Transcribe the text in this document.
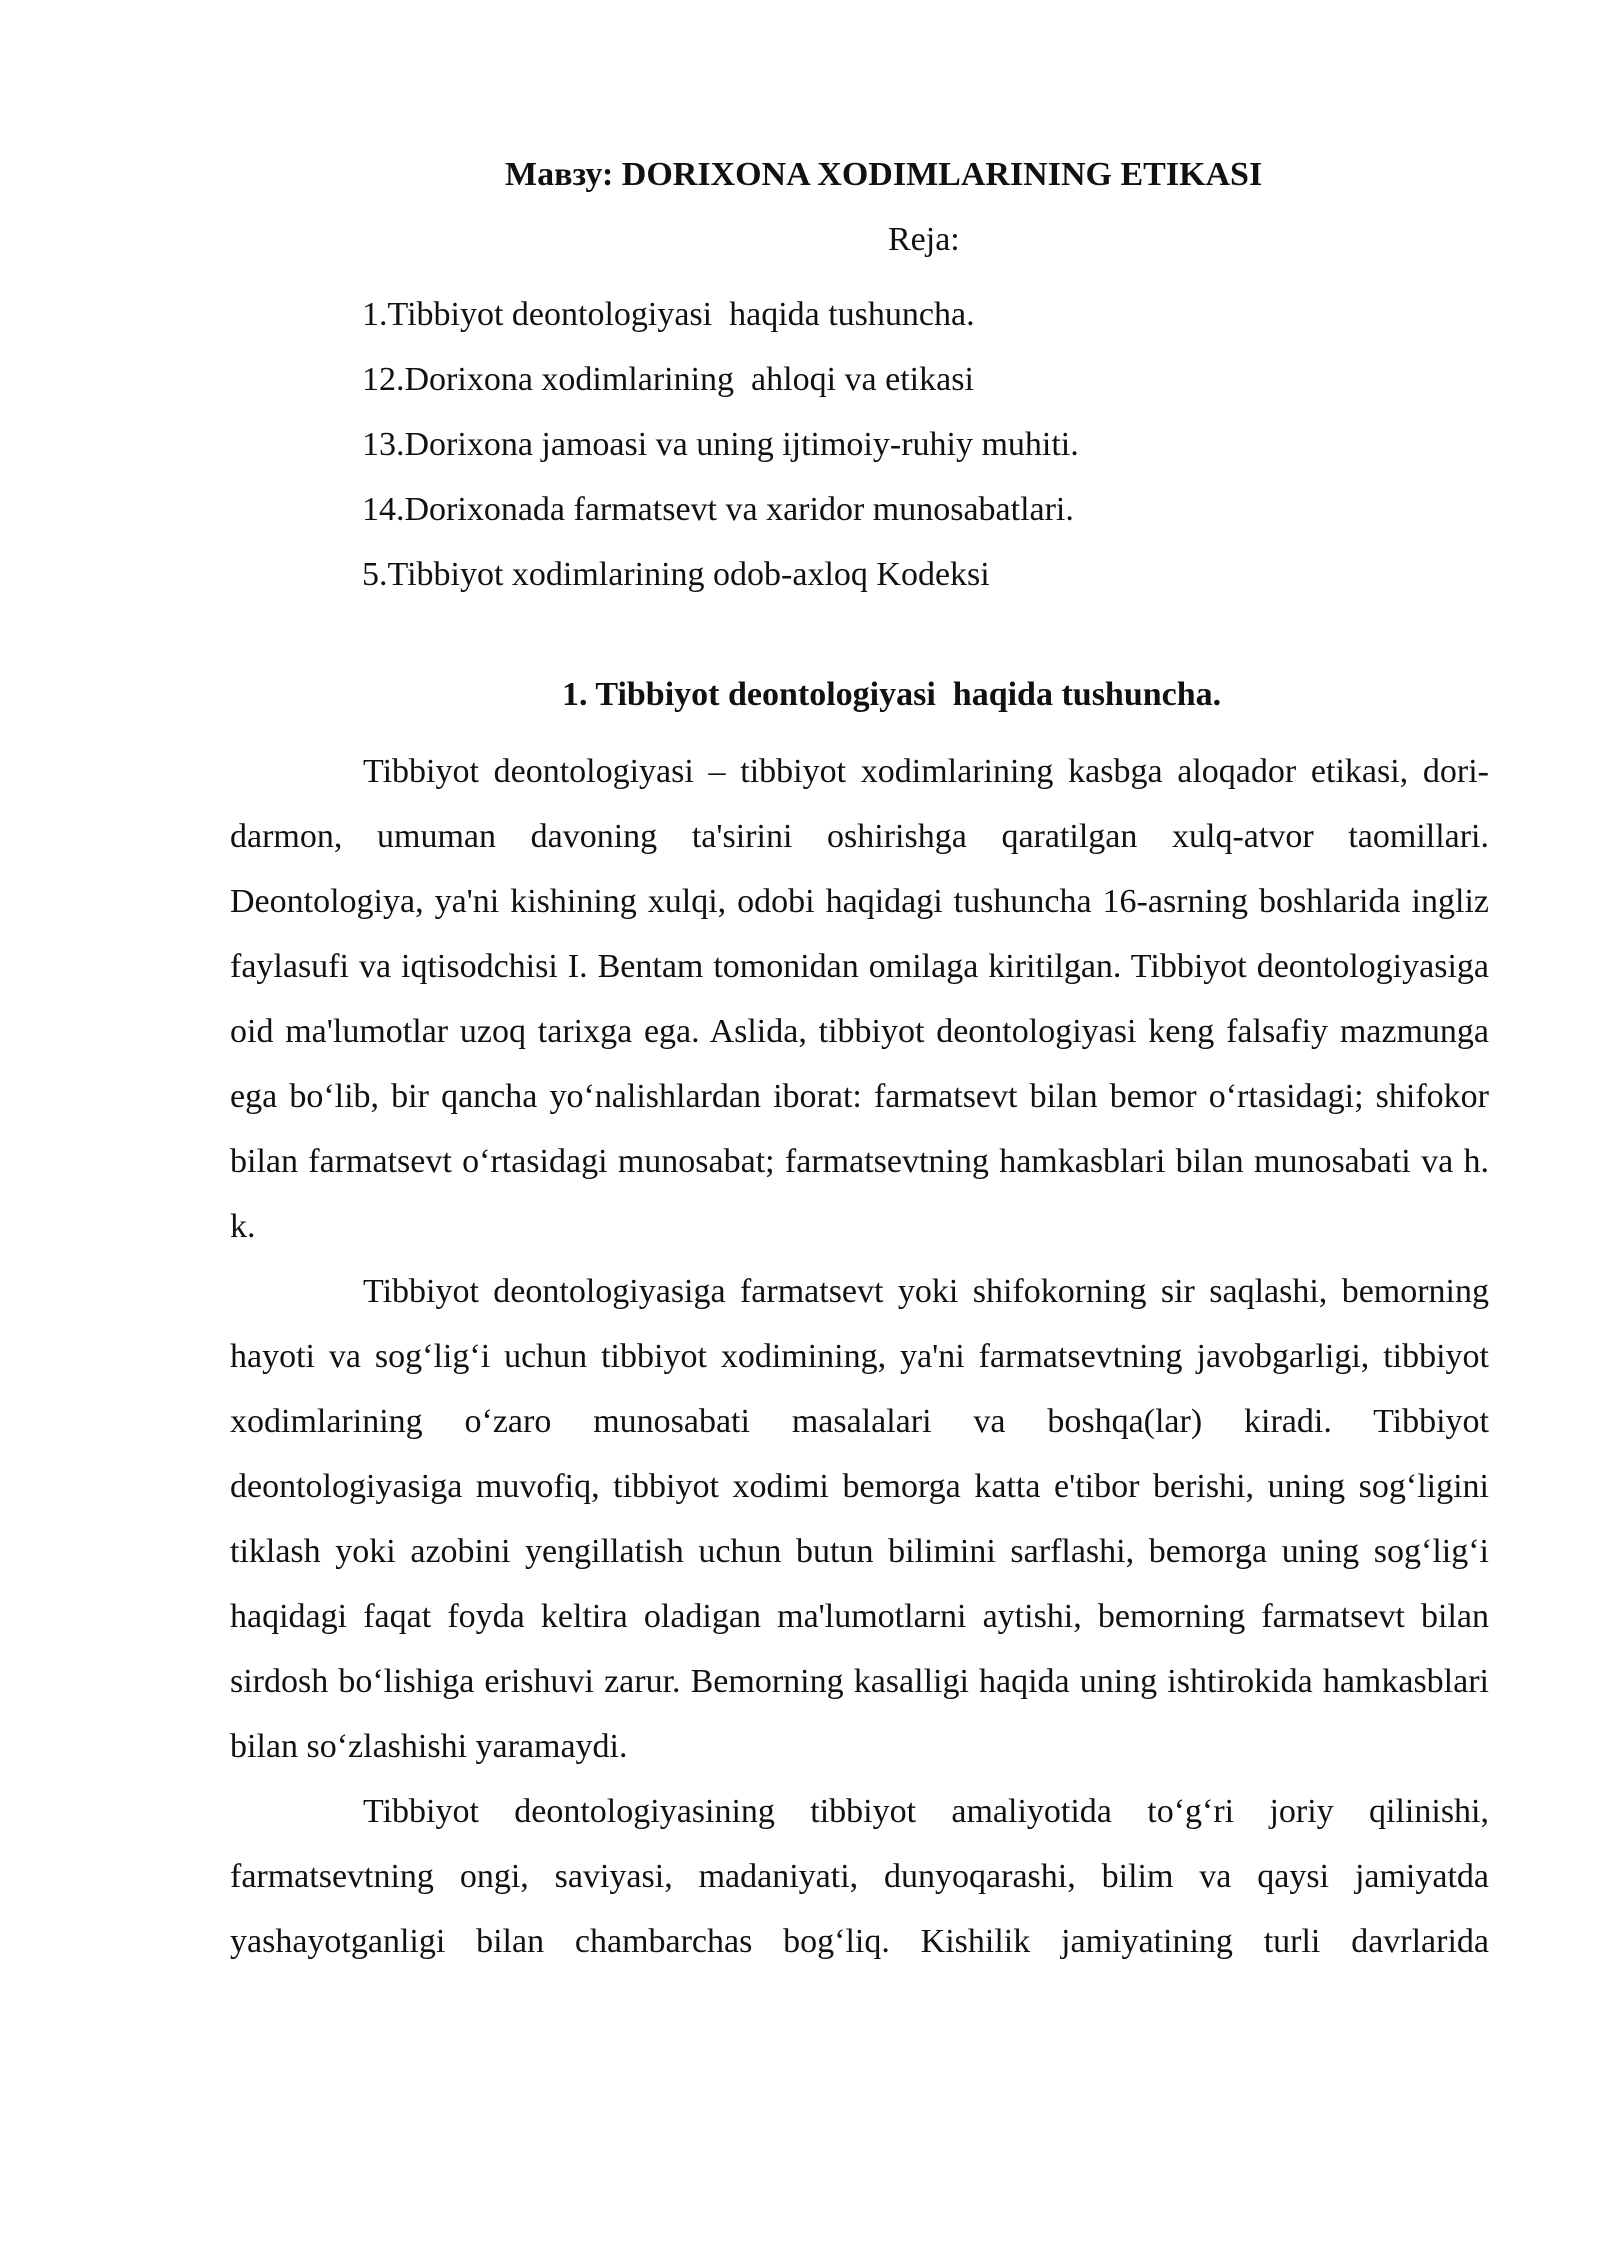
Мавзу: DORIXONA XODIMLARINING ETIKASI
Reja:
1.Tibbiyot deontologiyasi  haqida tushuncha.
12.Dorixona xodimlarining  ahloqi va etikasi
13.Dorixona jamoasi va uning ijtimoiy-ruhiy muhiti.
14.Dorixonada farmatsevt va xaridor munosabatlari.
5.Tibbiyot xodimlarining odob-axloq Kodeksi
1. Tibbiyot deontologiyasi  haqida tushuncha.

Tibbiyot deontologiyasi – tibbiyot xodimlarining kasbga aloqador etikasi, dori-darmon, umuman davoning ta'sirini oshirishga qaratilgan xulq-atvor taomillari. Deontologiya, ya'ni kishining xulqi, odobi haqidagi tushuncha 16-asrning boshlarida ingliz faylasufi va iqtisodchisi I. Bentam tomonidan omilaga kiritilgan. Tibbiyot deontologiyasiga oid ma'lumotlar uzoq tarixga ega. Aslida, tibbiyot deontologiyasi keng falsafiy mazmunga ega bo‘lib, bir qancha yo‘nalishlardan iborat: farmatsevt bilan bemor o‘rtasidagi; shifokor bilan farmatsevt o‘rtasidagi munosabat; farmatsevtning hamkasblari bilan munosabati va h. k.

Tibbiyot deontologiyasiga farmatsevt yoki shifokorning sir saqlashi, bemorning hayoti va sog‘lig‘i uchun tibbiyot xodimining, ya'ni farmatsevtning javobgarligi, tibbiyot xodimlarining o‘zaro munosabati masalalari va boshqa(lar) kiradi. Tibbiyot deontologiyasiga muvofiq, tibbiyot xodimi bemorga katta e'tibor berishi, uning sog‘ligini tiklash yoki azobini yengillatish uchun butun bilimini sarflashi, bemorga uning sog‘lig‘i haqidagi faqat foyda keltira oladigan ma'lumotlarni aytishi, bemorning farmatsevt bilan sirdosh bo‘lishiga erishuvi zarur. Bemorning kasalligi haqida uning ishtirokida hamkasblari bilan so‘zlashishi yaramaydi.

Tibbiyot deontologiyasining tibbiyot amaliyotida to‘g‘ri joriy qilinishi, farmatsevtning ongi, saviyasi, madaniyati, dunyoqarashi, bilim va qaysi jamiyatda yashayotganligi bilan chambarchas bog‘liq. Kishilik jamiyatining turli davrlarida
